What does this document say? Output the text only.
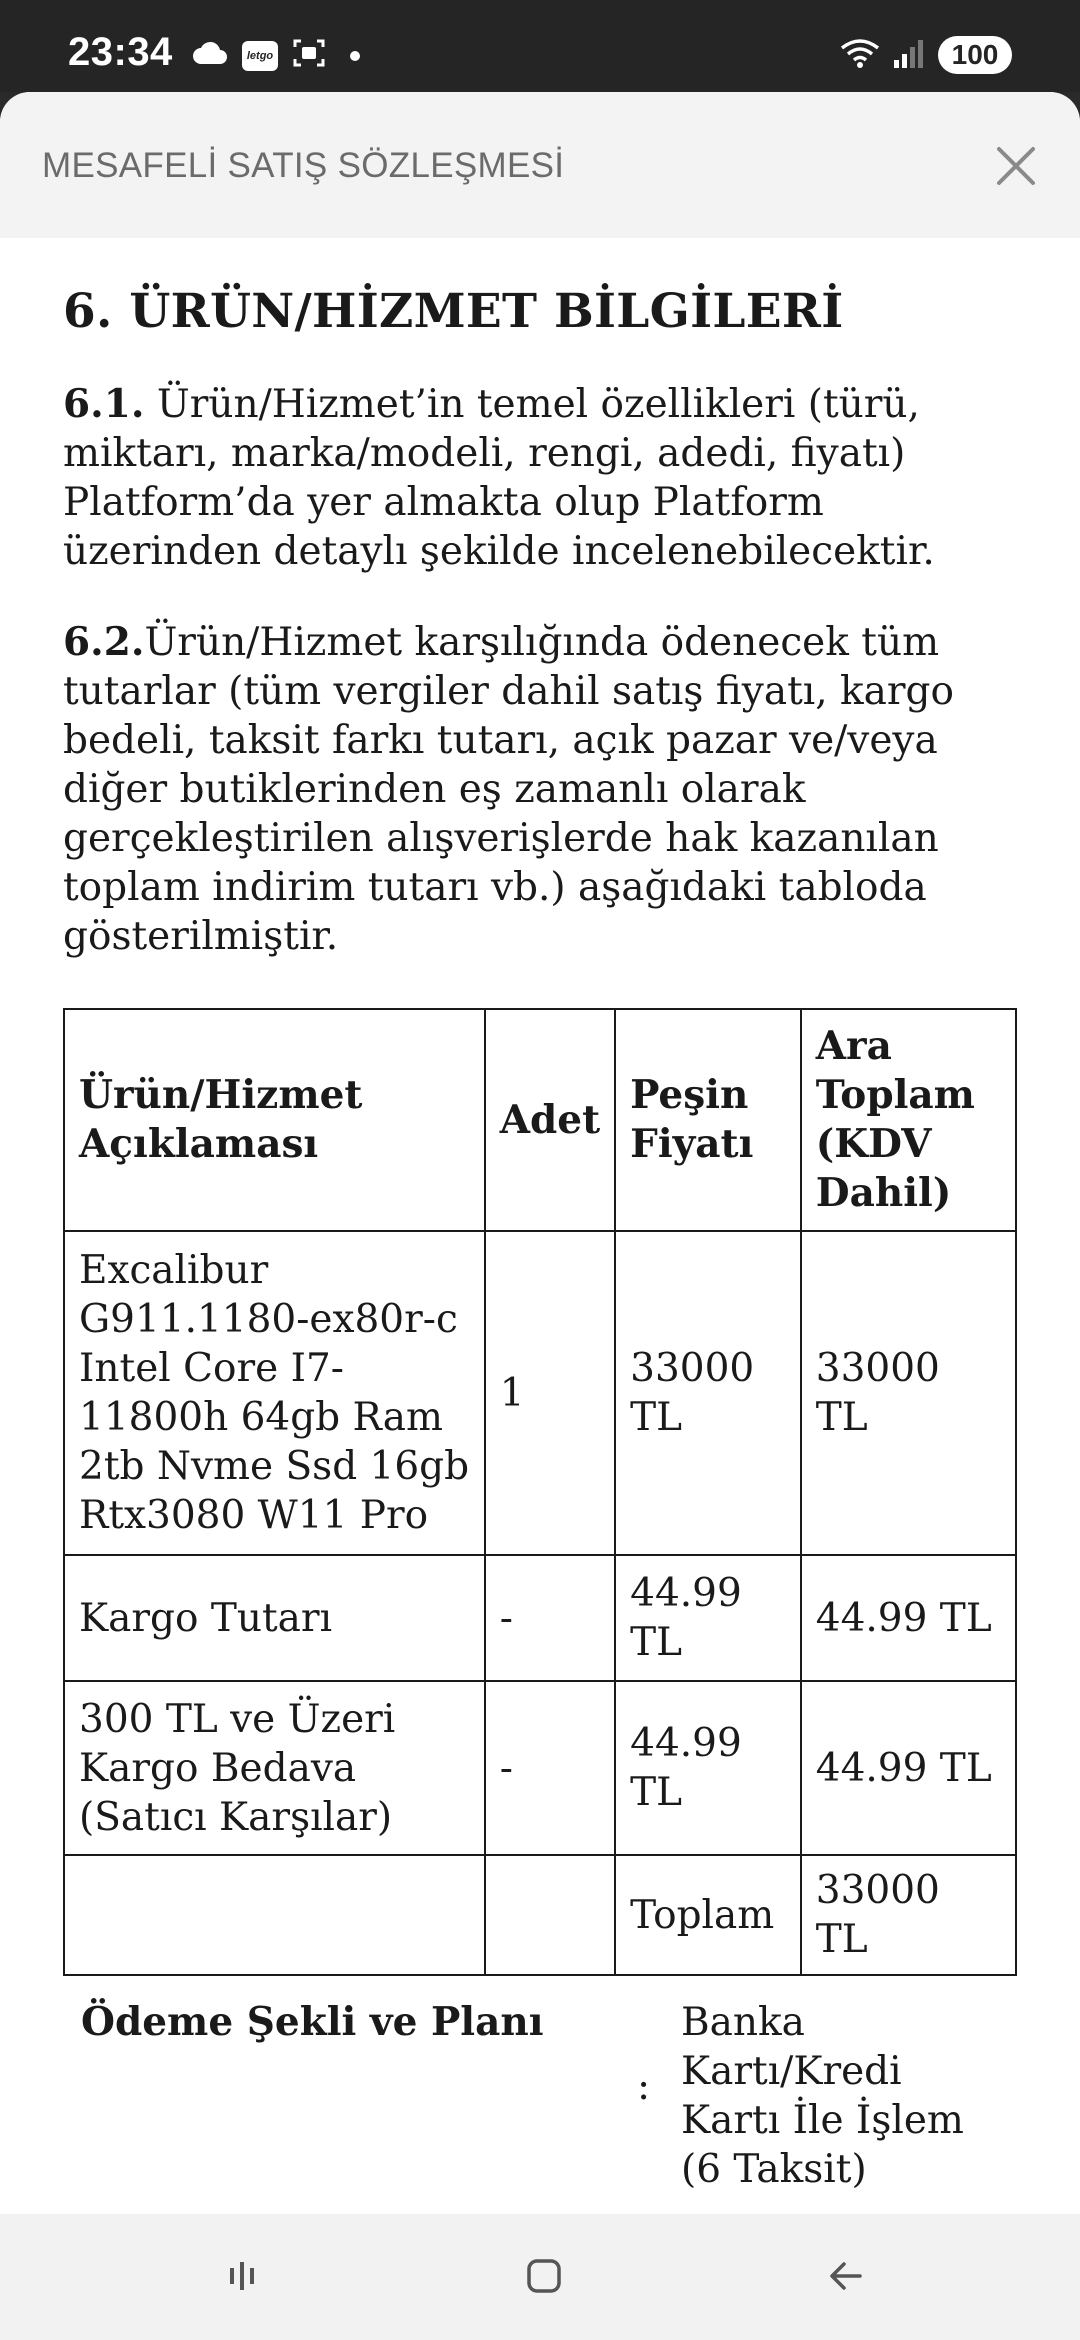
23:34	letgo	100
MESAFELİ SATIŞ SÖZLEŞMESİ
6. ÜRÜN/HİZMET BİLGİLERİ

6.1. Ürün/Hizmet’in temel özellikleri (türü, miktarı, marka/modeli, rengi, adedi, fiyatı) Platform’da yer almakta olup Platform üzerinden detaylı şekilde incelenebilecektir.

6.2.Ürün/Hizmet karşılığında ödenecek tüm tutarlar (tüm vergiler dahil satış fiyatı, kargo bedeli, taksit farkı tutarı, açık pazar ve/veya diğer butiklerinden eş zamanlı olarak gerçekleştirilen alışverişlerde hak kazanılan toplam indirim tutarı vb.) aşağıdaki tabloda gösterilmiştir.

Ürün/Hizmet Açıklaması	Adet	Peşin Fiyatı	Ara Toplam (KDV Dahil)
Excalibur G911.1180-ex80r-c Intel Core I7-11800h 64gb Ram 2tb Nvme Ssd 16gb Rtx3080 W11 Pro	1	33000 TL	33000 TL
Kargo Tutarı	-	44.99 TL	44.99 TL
300 TL ve Üzeri Kargo Bedava (Satıcı Karşılar)	-	44.99 TL	44.99 TL
		Toplam	33000 TL
Ödeme Şekli ve Planı
:
Banka Kartı/Kredi Kartı İle İşlem (6 Taksit)
